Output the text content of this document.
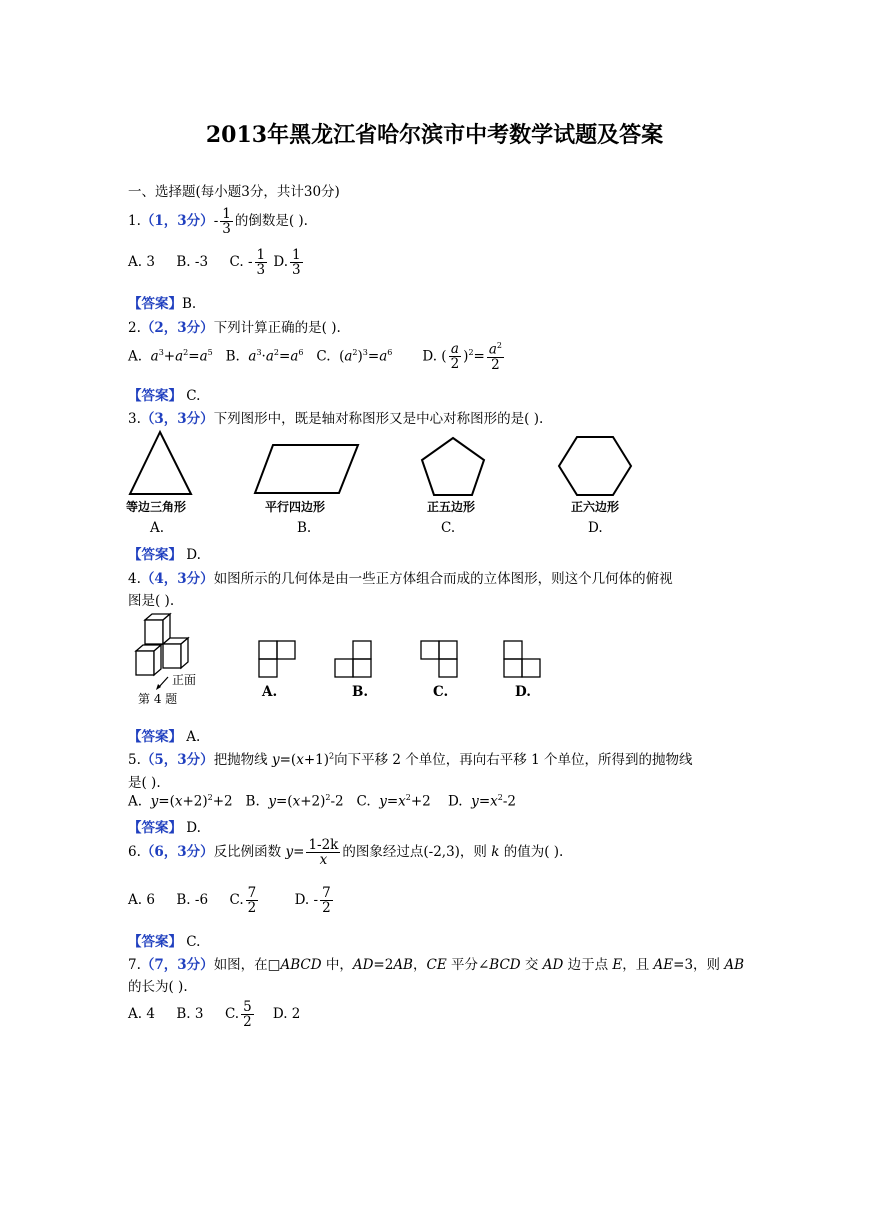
2013年黑龙江省哈尔滨市中考数学试题及答案
一、选择题(每小题3分，共计30分)
1.（1，3分）- $\frac{1}{3}$ 的倒数是( ).
A. 3 B. -3 C. - $\frac{1}{3} D$. $\frac{1}{3}$
【答案】B.
2.（2，3分）下列计算正确的是( ).
A.  $a^3+a^2=a^5$   B.  $a^3\cdot a^2=a^6$   C.  $(a^2)^3=a^6$       D. ( $\frac{a}{2} )^2= \frac{a^2}{2}$
【答案】 C.
3.（3，3分）下列图形中，既是轴对称图形又是中心对称图形的是( ).
等边三角形	平行四边形	正五边形	正六边形
A.	B.	C.	D.
【答案】 D.
4.（4，3分）如图所示的几何体是由一些正方体组合而成的立体图形，则这个几何体的俯视
图是( ).
正面
第 4 题	A.	B.	C.	D.
【答案】 A.
5.（5，3分）把抛物线 $y=(x+1)^2$向下平移 2 个单位，再向右平移 1 个单位，所得到的抛物线
是( ).
A.  $y=(x+2)^2+2$   B.  $y=(x+2)^2-2$   C.  $y=x^2+2$    D.  $y=x^2-2$
【答案】 D.
6.（6，3分）反比例函数 $y= \frac{1-2k}{x}$ 的图象经过点(-2,3)，则 k 的值为( ).
A. 6 B. -6 C. $\frac{7}{2}$	D. - $\frac{7}{2}$
【答案】 C.
7.（7，3分）如图，在□ABCD 中，AD=2AB，CE 平分∠BCD 交 AD 边于点 E，且 AE=3，则 AB
的长为( ).
A. 4 B. 3 C. $\frac{5}{2} D$. 2
